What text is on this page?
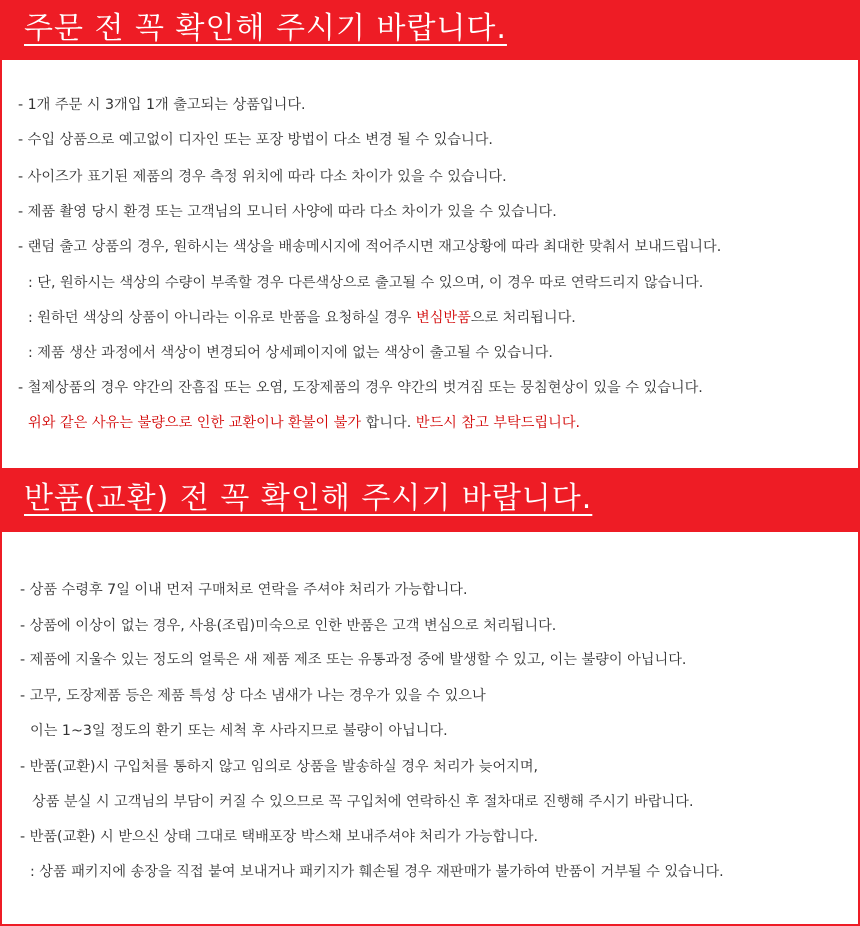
주문 전 꼭 확인해 주시기 바랍니다.
- 1개 주문 시 3개입 1개 출고되는 상품입니다.
- 수입 상품으로 예고없이 디자인 또는 포장 방법이 다소 변경 될 수 있습니다.
- 사이즈가 표기된 제품의 경우 측정 위치에 따라 다소 차이가 있을 수 있습니다.
- 제품 촬영 당시 환경 또는 고객님의 모니터 사양에 따라 다소 차이가 있을 수 있습니다.
- 랜덤 출고 상품의 경우, 원하시는 색상을 배송메시지에 적어주시면 재고상황에 따라 최대한 맞춰서 보내드립니다.
: 단, 원하시는 색상의 수량이 부족할 경우 다른색상으로 출고될 수 있으며, 이 경우 따로 연락드리지 않습니다.
: 원하던 색상의 상품이 아니라는 이유로 반품을 요청하실 경우 변심반품으로 처리됩니다.
: 제품 생산 과정에서 색상이 변경되어 상세페이지에 없는 색상이 출고될 수 있습니다.
- 철제상품의 경우 약간의 잔흠집 또는 오염, 도장제품의 경우 약간의 벗겨짐 또는 뭉침현상이 있을 수 있습니다.
위와 같은 사유는 불량으로 인한 교환이나 환불이 불가 합니다. 반드시 참고 부탁드립니다.
반품(교환) 전 꼭 확인해 주시기 바랍니다.
- 상품 수령후 7일 이내 먼저 구매처로 연락을 주셔야 처리가 가능합니다.
- 상품에 이상이 없는 경우, 사용(조립)미숙으로 인한 반품은 고객 변심으로 처리됩니다.
- 제품에 지울수 있는 정도의 얼룩은 새 제품 제조 또는 유통과정 중에 발생할 수 있고, 이는 불량이 아닙니다.
- 고무, 도장제품 등은 제품 특성 상 다소 냄새가 나는 경우가 있을 수 있으나
이는 1~3일 정도의 환기 또는 세척 후 사라지므로 불량이 아닙니다.
- 반품(교환)시 구입처를 통하지 않고 임의로 상품을 발송하실 경우 처리가 늦어지며,
상품 분실 시 고객님의 부담이 커질 수 있으므로 꼭 구입처에 연락하신 후 절차대로 진행해 주시기 바랍니다.
- 반품(교환) 시 받으신 상태 그대로 택배포장 박스채 보내주셔야 처리가 가능합니다.
: 상품 패키지에 송장을 직접 붙여 보내거나 패키지가 훼손될 경우 재판매가 불가하여 반품이 거부될 수 있습니다.
